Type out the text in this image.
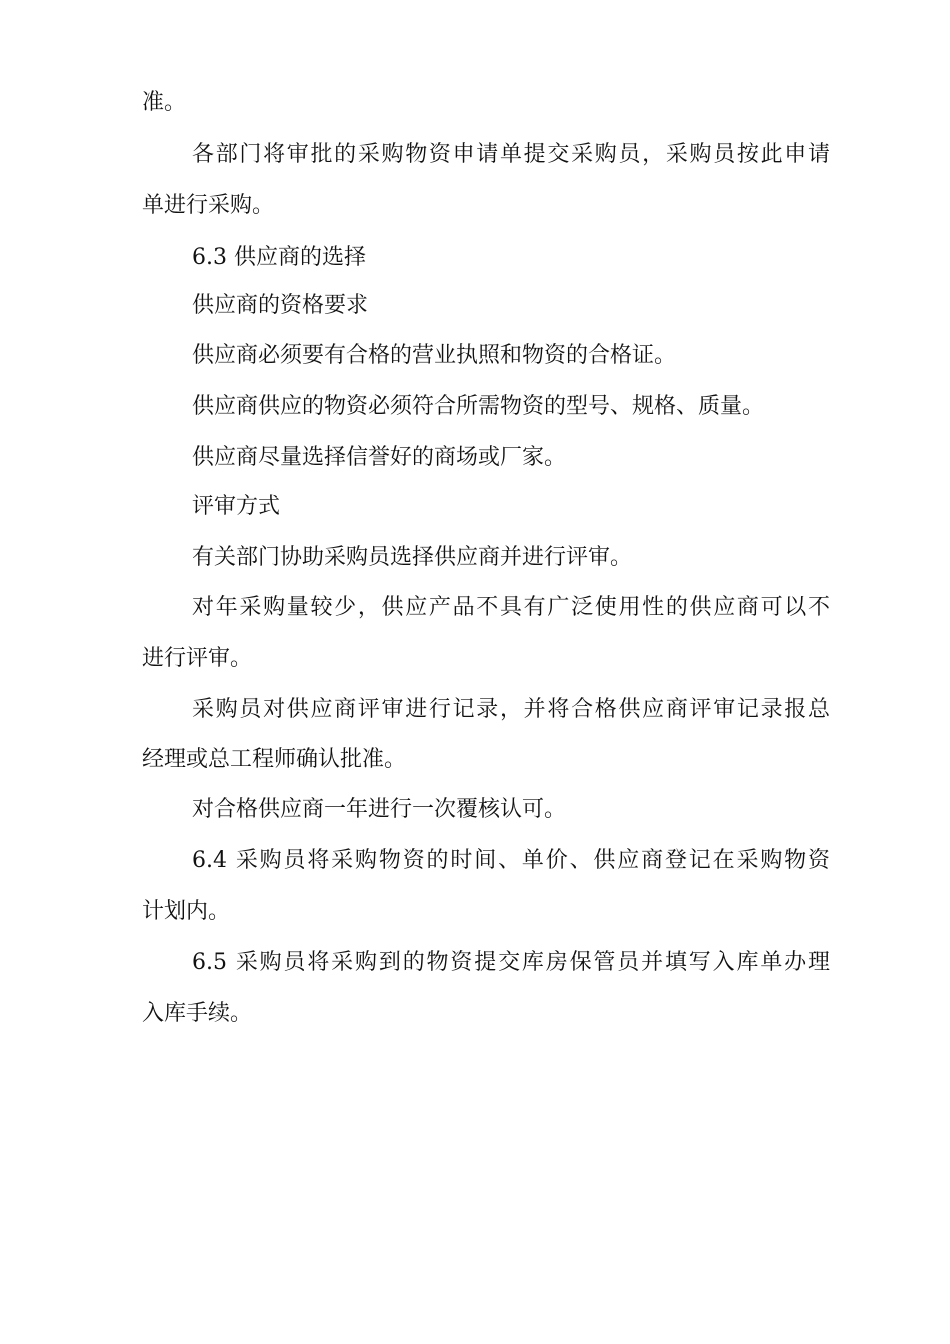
准。

各部门将审批的采购物资申请单提交采购员，采购员按此申请

单进行采购。

6.3 供应商的选择

供应商的资格要求

供应商必须要有合格的营业执照和物资的合格证。

供应商供应的物资必须符合所需物资的型号、规格、质量。

供应商尽量选择信誉好的商场或厂家。

评审方式

有关部门协助采购员选择供应商并进行评审。

对年采购量较少，供应产品不具有广泛使用性的供应商可以不

进行评审。

采购员对供应商评审进行记录，并将合格供应商评审记录报总

经理或总工程师确认批准。

对合格供应商一年进行一次覆核认可。

6.4 采购员将采购物资的时间、单价、供应商登记在采购物资

计划内。

6.5 采购员将采购到的物资提交库房保管员并填写入库单办理

入库手续。
